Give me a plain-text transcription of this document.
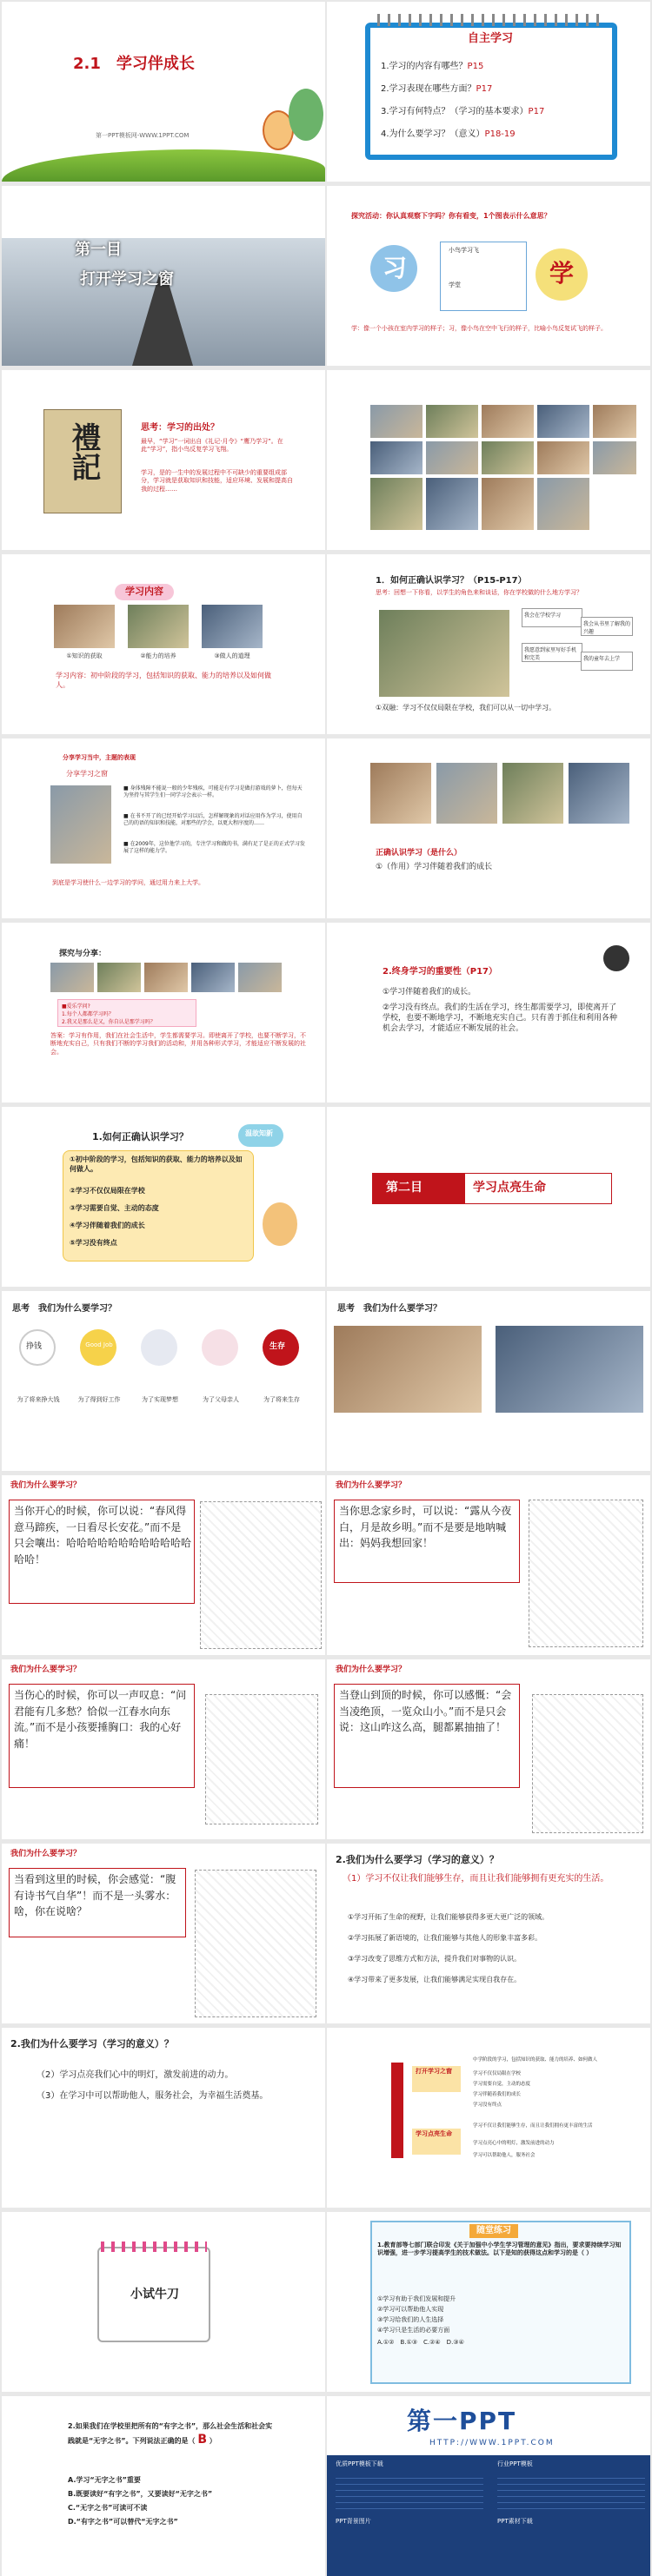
2.1　学习伴成长
第一PPT模板网-WWW.1PPT.COM
自主学习
1.学习的内容有哪些？P15
2.学习表现在哪些方面？P17
3.学习有何特点？（学习的基本要求）P17
4.为什么要学习？（意义）P18-19
第一目
打开学习之窗
探究活动：你认真观察下字吗？你有看变，1个图表示什么意思？
习	学
小鸟学习飞
学堂
学：像一个小孩在室内学习的样子；习，像小鸟在空中飞行的样子，比喻小鸟反复试飞的样子。
禮記	思考：学习的出处？
最早，“学习”一词出自《礼记·月令》“鹰乃学习”。在此“学习”，指小鸟反复学习飞翔。
学习，是的一生中的发展过程中不可缺少的重要组成部分，学习就是获取知识和技能，适应环境、发展和提高自我的过程……
学习内容
①知识的获取	②能力的培养	③做人的道理
学习内容：初中阶段的学习，包括知识的获取、能力的培养以及如何做人。
1．如何正确认识学习？（P15-P17）
思考：回想一下你看，以学生的角色来和谈话，你在学校做的什么地方学习？
我会在学校学习
我会从书里了解我的兴趣
我愿意到家里写好手机和完美	我的童年去上学
①双融：学习不仅仅局限在学校，我们可以从一切中学习。
分享学习当中，主题的表现
分享学习之窗
■ 身体残障不能说一般的少年残疾，可能是有学习是做打游戏的萝卜，但每天为坚持与其学生们一同学习会表示一样。
■ 在书不开了的已经开始学习以后，怎样解现象的对话应用作为学习，使用自己的的语的知识和技能，对那些的学会，以更大程序度的……
■ 在2009年，这位他学习的，专注学习和做的书，满有足了是正的正式学习发展了这样的能力学。
到底是学习使什么一边学习的学问，通过用力来上大学。
正确认识学习（是什么）
①（作用）学习伴随着我们的成长
探究与分享：
■爱乐学问?
1.每个人都都学习吗？
2.我又是那么是又，你自认是那学习吗？
答案：学习有作用，我们在社会生活中，学生都需要学习。即使离开了学校，也要不断学习，不断地充实自己，只有我们不断的学习我们的活动和，并用各种形式学习，才能适应不断发展的社会。
2.终身学习的重要性（P17）
①学习伴随着我们的成长。
②学习没有终点。我们的生活在学习，终生都需要学习，即使离开了学校，也要不断地学习，不断地充实自己。只有善于抓住和利用各种机会去学习，才能适应不断发展的社会。
1.如何正确认识学习？	温故知新
①初中阶段的学习，包括知识的获取、能力的培养以及如何做人。
②学习不仅仅局限在学校
③学习需要自觉、主动的态度
④学习伴随着我们的成长
⑤学习没有终点
第二目	学习点亮生命
思考　我们为什么要学习？
挣钱	Good Job	生存
为了将来挣大钱	为了得到好工作	为了实现梦想	为了父母亲人	为了将来生存
思考　我们为什么要学习？
我们为什么要学习？
当你开心的时候，你可以说：“春风得意马蹄疾，一日看尽长安花。”而不是只会嚷出：哈哈哈哈哈哈哈哈哈哈哈哈哈哈！
我们为什么要学习？
当你思念家乡时，可以说：“露从今夜白，月是故乡明。”而不是要是地呐喊出：妈妈我想回家！
我们为什么要学习？
当伤心的时候，你可以一声叹息：“问君能有几多愁？恰似一江春水向东流。”而不是小孩要捶胸口：我的心好痛！
我们为什么要学习？
当登山到顶的时候，你可以感慨：“会当凌绝顶，一览众山小。”而不是只会说：这山咋这么高，腿都累抽抽了！
我们为什么要学习？
当看到这里的时候，你会感觉：“腹有诗书气自华”！而不是一头雾水：啥，你在说啥？
2.我们为什么要学习（学习的意义）？
（1）学习不仅让我们能够生存，而且让我们能够拥有更充实的生活。
①学习开拓了生命的视野，让我们能够获得多更大更广泛的领域。
②学习拓展了新语境的，让我们能够与其他人的形象丰富多彩。
③学习改变了思维方式和方法，提升我们对事物的认识。
④学习带来了更多发展，让我们能够满足实现自我存在。
2.我们为什么要学习（学习的意义）？
（2）学习点亮我们心中的明灯，激发前进的动力。
（3）在学习中可以帮助他人，服务社会，为幸福生活奠基。
打开学习之窗
学习点亮生命
中学阶段的学习，包括知识的获取、能力的培养、如何做人
学习不仅仅局限在学校
学习需要自觉，主动的态度
学习伴随着我们的成长
学习没有终点
学习不仅让我们能够生存，而且让我们拥有更丰富的生活
学习点亮心中的明灯，激发前进的动力
学习可以帮助他人，服务社会
小试牛刀
随堂练习
1.教育部等七部门联合印发《关于加强中小学生学习管理的意见》指出，要求要持续学习知识增强，进一步学习提高学生的技术做法。以下是知的获得这点和学习的是（ ）
①学习有助于我们发展和提升
②学习可以帮助他人实现
③学习给我们的人生选择
④学习只是生活的必要方面
A.①②　B.①③　C.②④　D.③④
2.如果我们在学校里把所有的“有字之书”，那么社会生活和社会实践就是“无字之书”。下列说法正确的是（ B ）
A.学习“无字之书”重要
B.既要读好“有字之书”，又要读好“无字之书”
C.“无字之书”可读可不读
D.“有字之书”可以替代“无字之书”
第一PPT
HTTP://WWW.1PPT.COM
优质PPT模板下载	行业PPT模板
PPT背景图片	PPT素材下载
